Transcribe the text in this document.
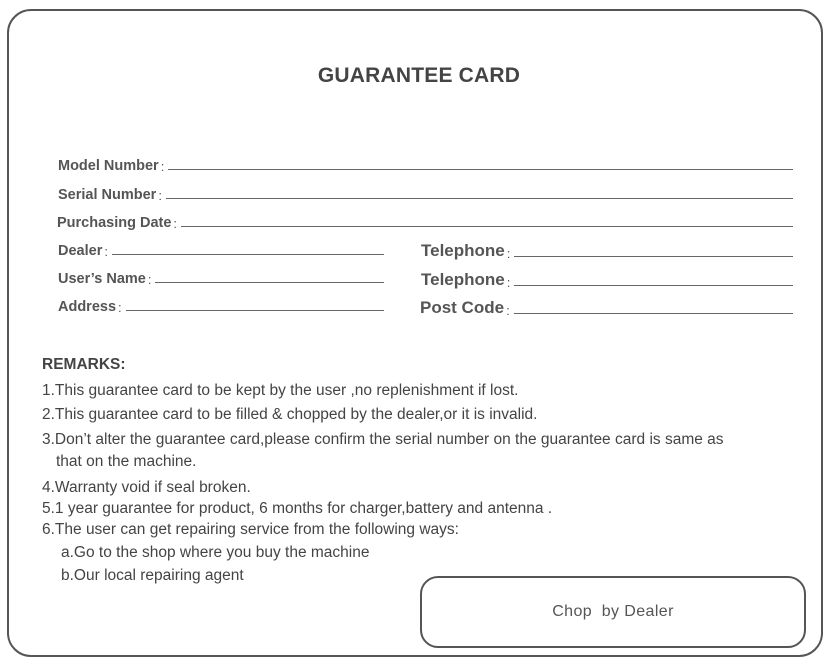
GUARANTEE CARD
Model Number :
Serial Number :
Purchasing Date :
Dealer :
User’s Name :
Address :
Telephone :
Telephone :
Post Code :
REMARKS:
1.This guarantee card to be kept by the user ,no replenishment if lost.
2.This guarantee card to be filled & chopped by the dealer,or it is invalid.
3.Don’t alter the guarantee card,please confirm the serial number on the guarantee card is same as
that on the machine.
4.Warranty void if seal broken.
5.1 year guarantee for product, 6 months for charger,battery and antenna .
6.The user can get repairing service from the following ways:
a.Go to the shop where you buy the machine
b.Our local repairing agent
Chop  by Dealer
